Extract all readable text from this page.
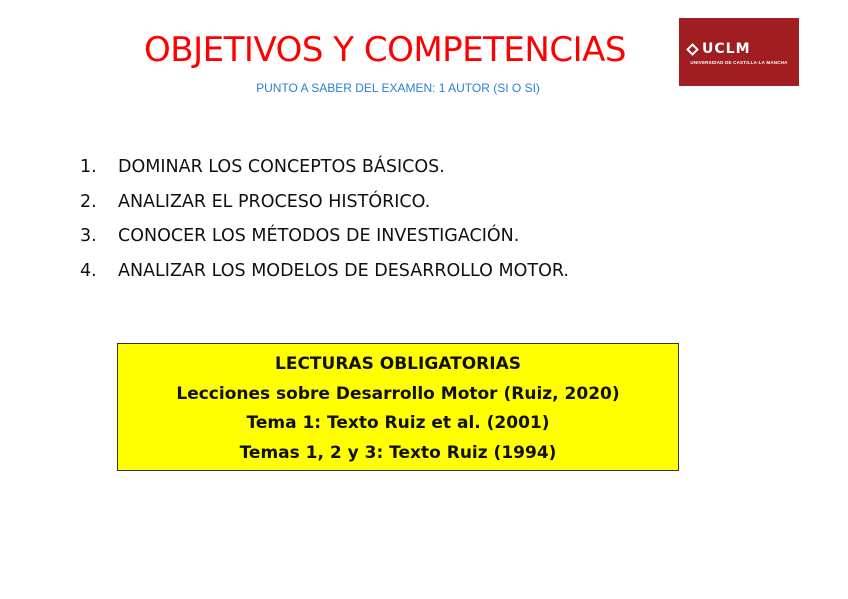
OBJETIVOS Y COMPETENCIAS
PUNTO A SABER DEL EXAMEN: 1 AUTOR (SI O SI)
UCLM
UNIVERSIDAD DE CASTILLA-LA MANCHA
1.	DOMINAR LOS CONCEPTOS BÁSICOS.
2.	ANALIZAR EL PROCESO HISTÓRICO.
3.	CONOCER LOS MÉTODOS DE INVESTIGACIÓN.
4.	ANALIZAR LOS MODELOS DE DESARROLLO MOTOR.
LECTURAS OBLIGATORIAS
Lecciones sobre Desarrollo Motor (Ruiz, 2020)
Tema 1: Texto Ruiz et al. (2001)
Temas 1, 2 y 3: Texto Ruiz (1994)
